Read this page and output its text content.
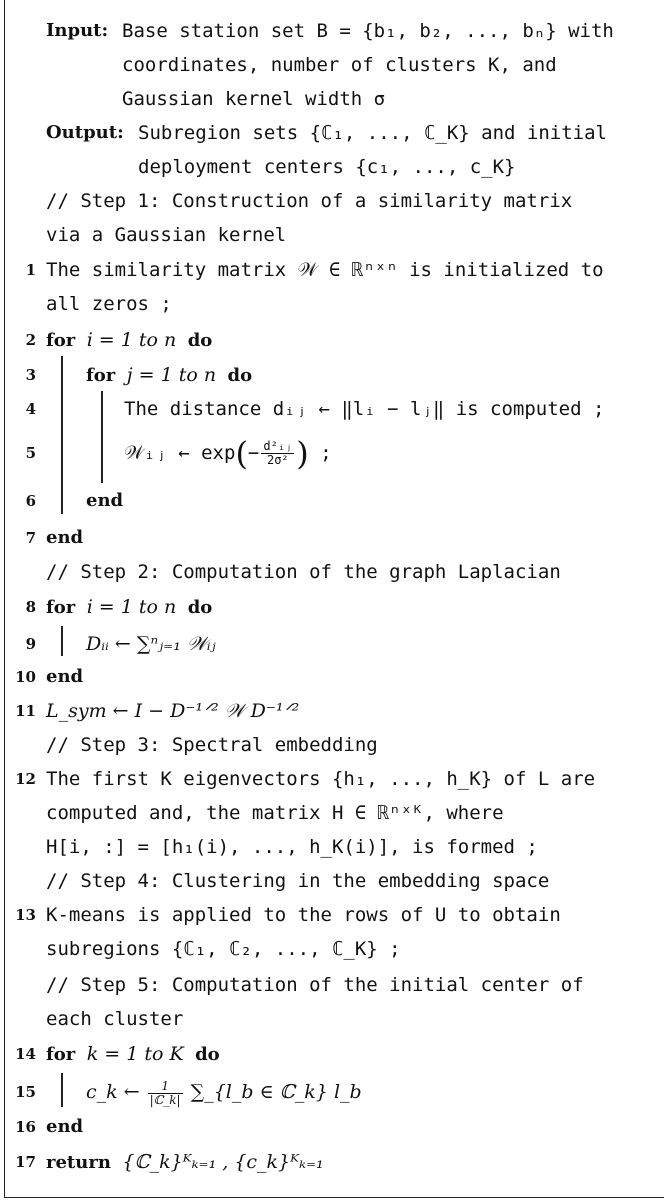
Input: Base station set B = {b₁, b₂, ..., bₙ} with
coordinates, number of clusters K, and
Gaussian kernel width σ
Output: Subregion sets {ℂ₁, ..., ℂ_K} and initial
deployment centers {c₁, ..., c_K}
// Step 1: Construction of a similarity matrix
via a Gaussian kernel
1 The similarity matrix 𝒲 ∈ ℝⁿˣⁿ is initialized to
all zeros ;
2 for i = 1 to n do
3	for j = 1 to n do
4	The distance dᵢⱼ ← ‖lᵢ − lⱼ‖ is computed ;
5	𝒲ᵢⱼ ← $\exp(- \frac{\text{d²ᵢⱼ}}{\text{2σ²}}$ ) ;
6	end
7 end
// Step 2: Computation of the graph Laplacian
8 for i = 1 to n do
9	Dᵢᵢ ← ∑ⁿⱼ₌₁ 𝒲ᵢⱼ
10 end
11 L_sym ← I − D⁻¹ᐟ² 𝒲 D⁻¹ᐟ²
// Step 3: Spectral embedding
12 The first K eigenvectors {h₁, ..., h_K} of L are
computed and, the matrix H ∈ ℝⁿˣᴷ, where
H[i, :] = [h₁(i), ..., h_K(i)], is formed ;
// Step 4: Clustering in the embedding space
13 K-means is applied to the rows of U to obtain
subregions {ℂ₁, ℂ₂, ..., ℂ_K} ;
// Step 5: Computation of the initial center of
each cluster
14 for k = 1 to K do
15	c_k ← $\frac{1}{\text{|ℂ\_k|}}$ ∑_{l_b ∈ ℂ_k} l_b
16 end
17 return {ℂ_k}ᴷₖ₌₁ , {c_k}ᴷₖ₌₁
